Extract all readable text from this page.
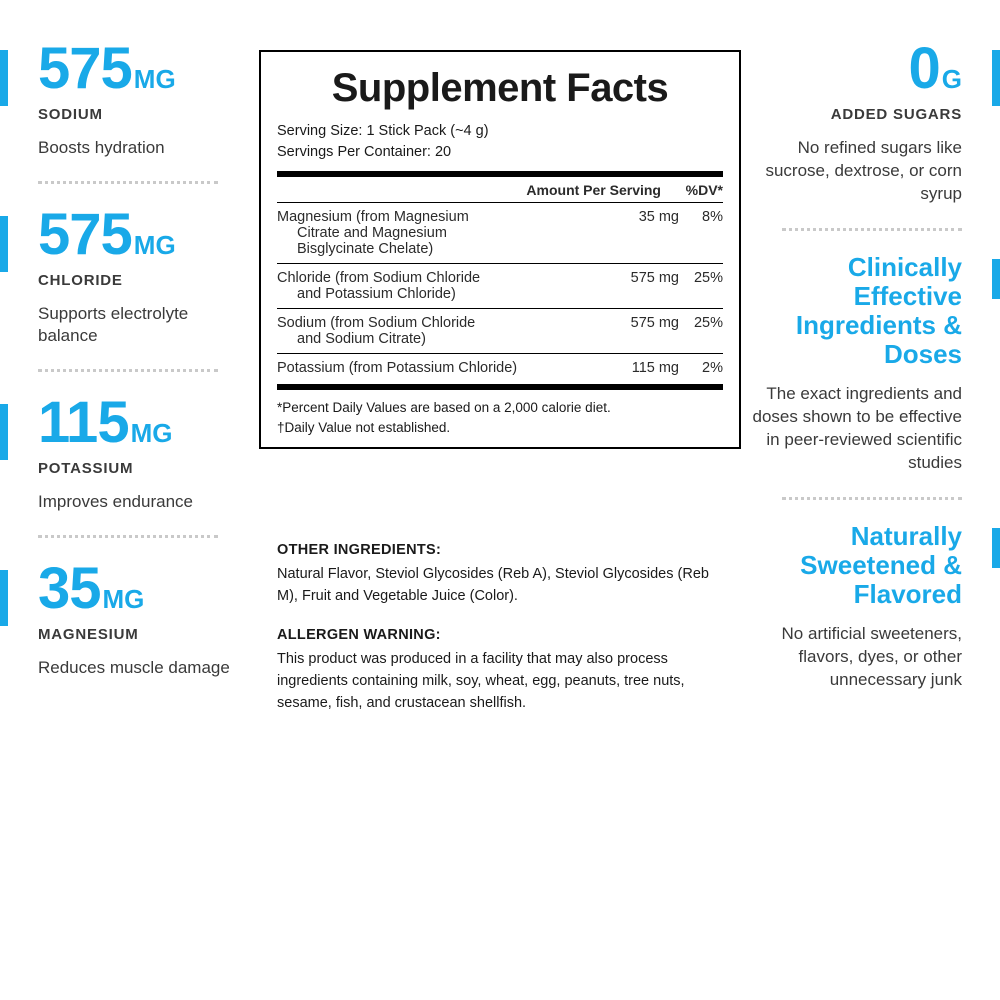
575 MG
SODIUM
Boosts hydration
575 MG
CHLORIDE
Supports electrolyte balance
115 MG
POTASSIUM
Improves endurance
35 MG
MAGNESIUM
Reduces muscle damage
Supplement Facts
Serving Size: 1 Stick Pack (~4 g)
Servings Per Container: 20
Amount Per Serving	%DV*
Magnesium (from Magnesium
Citrate and Magnesium
Bisglycinate Chelate)	35 mg	8%
Chloride (from Sodium Chloride
and Potassium Chloride)	575 mg	25%
Sodium (from Sodium Chloride
and Sodium Citrate)	575 mg	25%
Potassium (from Potassium Chloride)	115 mg	2%
*Percent Daily Values are based on a 2,000 calorie diet.
†Daily Value not established.
OTHER INGREDIENTS:

Natural Flavor, Steviol Glycosides (Reb A), Steviol Glycosides (Reb M), Fruit and Vegetable Juice (Color).

ALLERGEN WARNING:

This product was produced in a facility that may also process ingredients containing milk, soy, wheat, egg, peanuts, tree nuts, sesame, fish, and crustacean shellfish.

0 G
ADDED SUGARS
No refined sugars like sucrose, dextrose, or corn syrup
Clinically Effective Ingredients & Doses
The exact ingredients and doses shown to be effective in peer-reviewed scientific studies
Naturally Sweetened & Flavored
No artificial sweeteners, flavors, dyes, or other unnecessary junk
